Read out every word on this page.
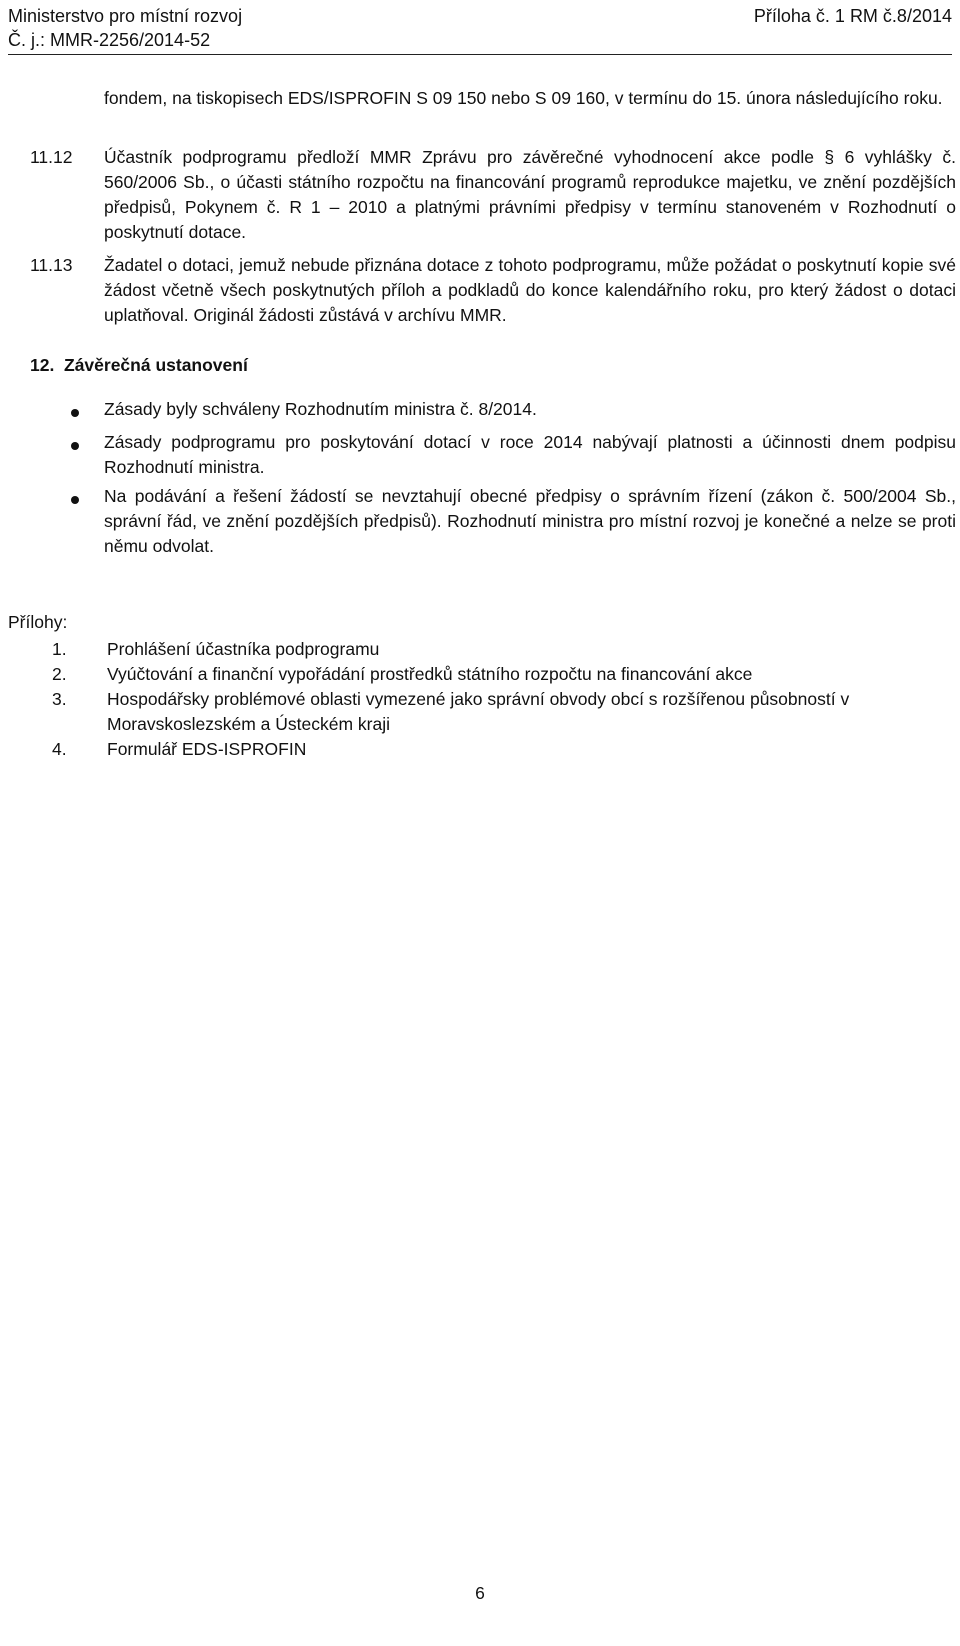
Ministerstvo pro místní rozvoj
Č. j.: MMR-2256/2014-52
Příloha č. 1 RM č.8/2014
fondem, na tiskopisech EDS/ISPROFIN S 09 150 nebo S 09 160, v termínu do 15. února následujícího roku.
11.12 Účastník podprogramu předloží MMR Zprávu pro závěrečné vyhodnocení akce podle § 6 vyhlášky č. 560/2006 Sb., o účasti státního rozpočtu na financování programů reprodukce majetku, ve znění pozdějších předpisů, Pokynem č. R 1 – 2010 a platnými právními předpisy v termínu stanoveném v Rozhodnutí o poskytnutí dotace.
11.13 Žadatel o dotaci, jemuž nebude přiznána dotace z tohoto podprogramu, může požádat o poskytnutí kopie své žádost včetně všech poskytnutých příloh a podkladů do konce kalendářního roku, pro který žádost o dotaci uplatňoval. Originál žádosti zůstává v archívu MMR.
12. Závěrečná ustanovení
Zásady byly schváleny Rozhodnutím ministra č. 8/2014.
Zásady podprogramu pro poskytování dotací v roce 2014 nabývají platnosti a účinnosti dnem podpisu Rozhodnutí ministra.
Na podávání a řešení žádostí se nevztahují obecné předpisy o správním řízení (zákon č. 500/2004 Sb., správní řád, ve znění pozdějších předpisů). Rozhodnutí ministra pro místní rozvoj je konečné a nelze se proti němu odvolat.
Přílohy:
1. Prohlášení účastníka podprogramu
2. Vyúčtování a finanční vypořádání prostředků státního rozpočtu na financování akce
3. Hospodářsky problémové oblasti vymezené jako správní obvody obcí s rozšířenou působností v Moravskoslezském a Ústeckém kraji
4. Formulář EDS-ISPROFIN
6
